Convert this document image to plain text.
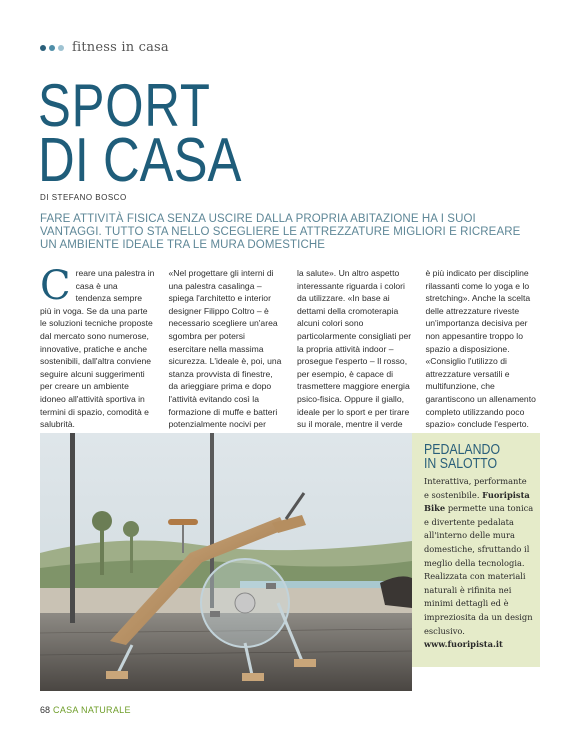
fitness in casa
SPORT
DI CASA
DI STEFANO BOSCO
FARE ATTIVITÀ FISICA SENZA USCIRE DALLA PROPRIA ABITAZIONE HA I SUOI VANTAGGI. TUTTO STA NELLO SCEGLIERE LE ATTREZZATURE MIGLIORI E RICREARE UN AMBIENTE IDEALE TRA LE MURA DOMESTICHE

Creare una palestra in casa è una tendenza sempre più in voga. Se da una parte le soluzioni tecniche proposte dal mercato sono numerose, innovative, pratiche e anche sostenibili, dall'altra conviene seguire alcuni suggerimenti per creare un ambiente idoneo all'attività sportiva in termini di spazio, comodità e salubrità.

«Nel progettare gli interni di una palestra casalinga – spiega l'architetto e interior designer Filippo Coltro – è necessario scegliere un'area sgombra per potersi esercitare nella massima sicurezza. L'ideale è, poi, una stanza provvista di finestre, da arieggiare prima e dopo l'attività evitando così la formazione di muffe e batteri potenzialmente nocivi per

la salute». Un altro aspetto interessante riguarda i colori da utilizzare. «In base ai dettami della cromoterapia alcuni colori sono particolarmente consigliati per la propria attività indoor – prosegue l'esperto – Il rosso, per esempio, è capace di trasmettere maggiore energia psico-fisica. Oppure il giallo, ideale per lo sport e per tirare su il morale, mentre il verde

è più indicato per discipline rilassanti come lo yoga e lo stretching». Anche la scelta delle attrezzature riveste un'importanza decisiva per non appesantire troppo lo spazio a disposizione. «Consiglio l'utilizzo di attrezzature versatili e multifunzione, che garantiscono un allenamento completo utilizzando poco spazio» conclude l'esperto.

PEDALANDO
IN SALOTTO

Interattiva, performante e sostenibile. Fuoripista Bike permette una tonica e divertente pedalata all'interno delle mura domestiche, sfruttando il meglio della tecnologia. Realizzata con materiali naturali è rifinita nei minimi dettagli ed è impreziosita da un design esclusivo.
www.fuoripista.it

68 CASA NATURALE
